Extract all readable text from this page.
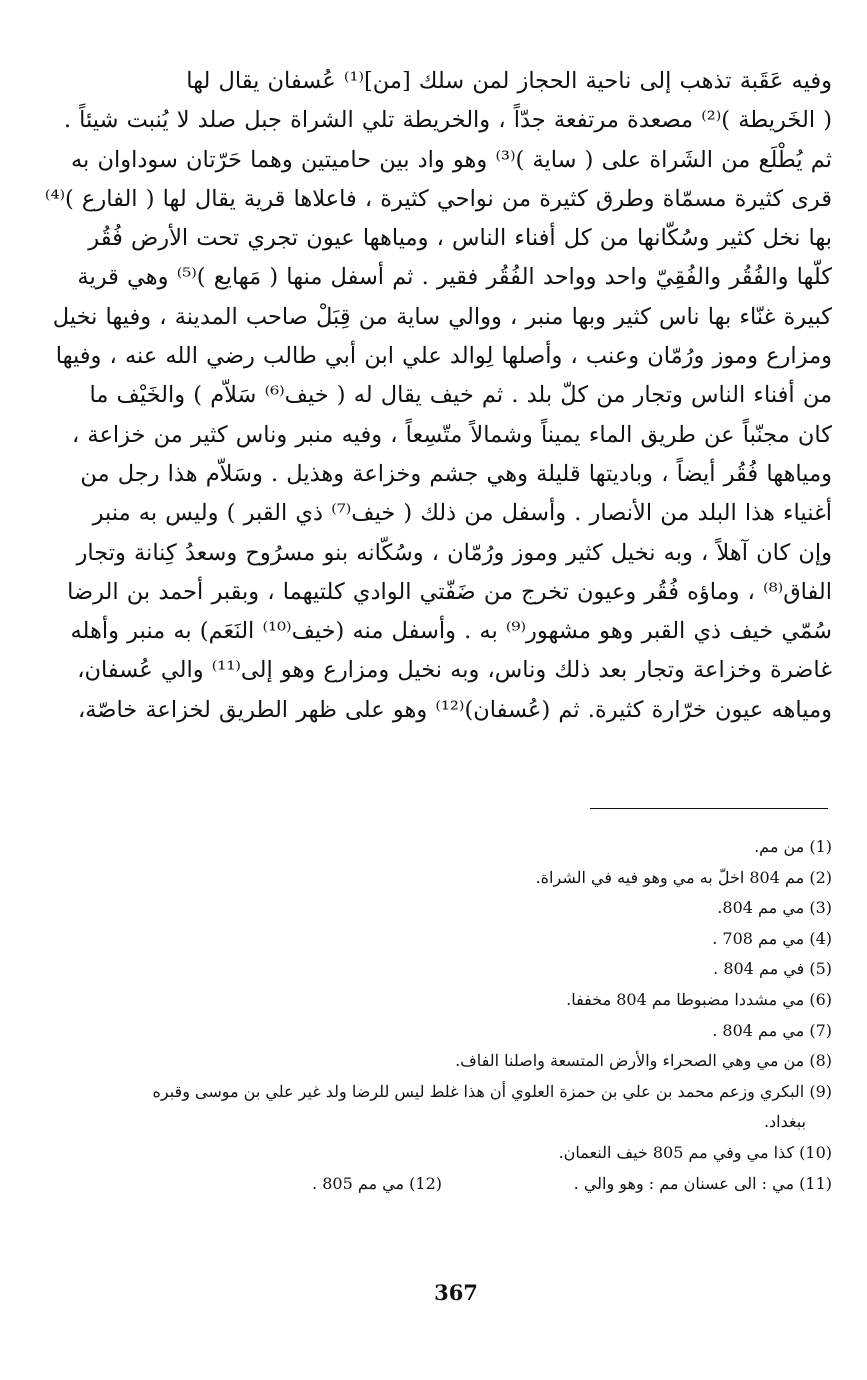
وفيه عَقَبة تذهب إلى ناحية الحجاز لمن سلك [من]⁽¹⁾ عُسفان يقال لها
( الخَريطة )⁽²⁾ مصعدة مرتفعة جدّاً ، والخريطة تلي الشراة جبل صلد لا يُنبت شيئاً .
ثم يُطْلَع من الشَراة على ( ساية )⁽³⁾ وهو واد بين حاميتين وهما حَرّتان سوداوان به
قرى كثيرة مسمّاة وطرق كثيرة من نواحي كثيرة ، فاعلاها قرية يقال لها ( الفارع )⁽⁴⁾
بها نخل كثير وسُكّانها من كل أفناء الناس ، ومياهها عيون تجري تحت الأرض فُقُر
كلّها والفُقُر والفُقِيّ واحد وواحد الفُقُر فقير . ثم أسفل منها ( مَهايع )⁽⁵⁾ وهي قرية
كبيرة غنّاء بها ناس كثير وبها منبر ، ووالي ساية من قِبَلْ صاحب المدينة ، وفيها نخيل
ومزارع وموز ورُمّان وعنب ، وأصلها لِوالد علي ابن أبي طالب رضي الله عنه ، وفيها
من أفناء الناس وتجار من كلّ بلد . ثم خيف يقال له ( خيف⁽⁶⁾ سَلاّم ) والخَيْف ما
كان مجنّباً عن طريق الماء يميناً وشمالاً متّسِعاً ، وفيه منبر وناس كثير من خزاعة ،
ومياهها فُقُر أيضاً ، وباديتها قليلة وهي جشم وخزاعة وهذيل . وسَلاّم هذا رجل من
أغنياء هذا البلد من الأنصار . وأسفل من ذلك ( خيف⁽⁷⁾ ذي القبر ) وليس به منبر
وإن كان آهلاً ، وبه نخيل كثير وموز ورُمّان ، وسُكّانه بنو مسرُوح وسعدُ كِنانة وتجار
الفاق⁽⁸⁾ ، وماؤه فُقُر وعيون تخرج من ضَفّتي الوادي كلتيهما ، وبقبر أحمد بن الرضا
سُمّي خيف ذي القبر وهو مشهور⁽⁹⁾ به . وأسفل منه (خيف⁽¹⁰⁾ النَعَم) به منبر وأهله
غاضرة وخزاعة وتجار بعد ذلك وناس، وبه نخيل ومزارع وهو إلى⁽¹¹⁾ والي عُسفان،
ومياهه عيون خرّارة كثيرة. ثم (عُسفان)⁽¹²⁾ وهو على ظهر الطريق لخزاعة خاصّة،
(1) من مم.
(2) مم 804 اخلّ به مي وهو فيه في الشراة.
(3) مي مم 804.
(4) مي مم 708 .
(5) في مم 804 .
(6) مي مشددا مضبوطا مم 804 مخففا.
(7) مي مم 804 .
(8) من مي وهي الصحراء والأرض المتسعة واصلنا الفاف.
(9) البكري وزعم محمد بن علي بن حمزة العلوي أن هذا غلط ليس للرضا ولد غير علي بن موسى وقبره
ببغداد.
(10) كذا مي وفي مم 805 خيف النعمان.
(11) مي : الى عسنان مم : وهو والي .
(12) مي مم 805 .
367
